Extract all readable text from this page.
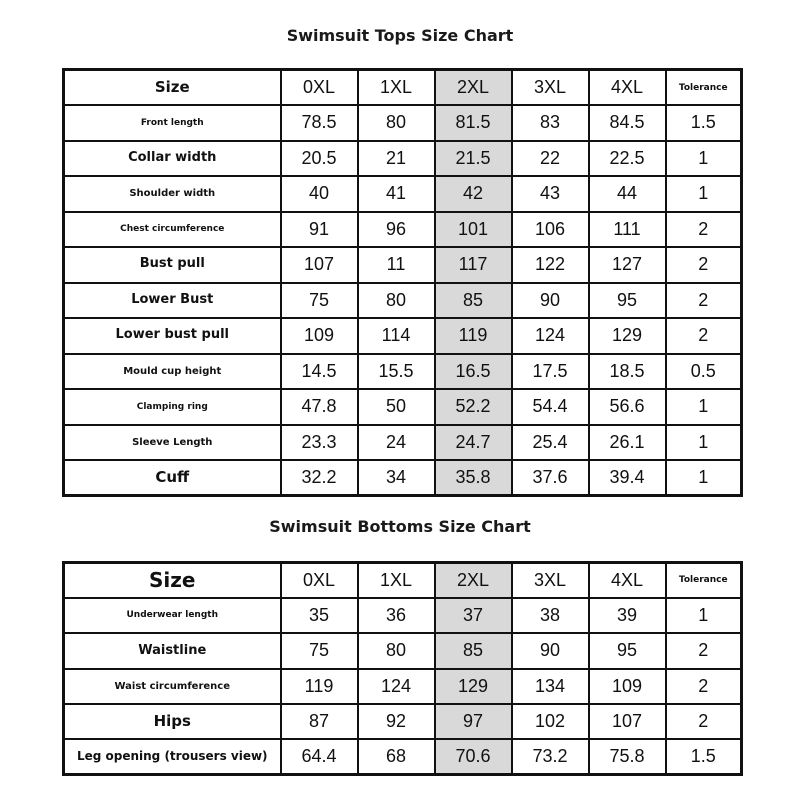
Swimsuit Tops Size Chart
Size	0XL	1XL	2XL	3XL	4XL	Tolerance
Front length	78.5	80	81.5	83	84.5	1.5
Collar width	20.5	21	21.5	22	22.5	1
Shoulder width	40	41	42	43	44	1
Chest circumference	91	96	101	106	111	2
Bust pull	107	11	117	122	127	2
Lower Bust	75	80	85	90	95	2
Lower bust pull	109	114	119	124	129	2
Mould cup height	14.5	15.5	16.5	17.5	18.5	0.5
Clamping ring	47.8	50	52.2	54.4	56.6	1
Sleeve Length	23.3	24	24.7	25.4	26.1	1
Cuff	32.2	34	35.8	37.6	39.4	1
Swimsuit Bottoms Size Chart
Size	0XL	1XL	2XL	3XL	4XL	Tolerance
Underwear length	35	36	37	38	39	1
Waistline	75	80	85	90	95	2
Waist circumference	119	124	129	134	109	2
Hips	87	92	97	102	107	2
Leg opening (trousers view)	64.4	68	70.6	73.2	75.8	1.5
